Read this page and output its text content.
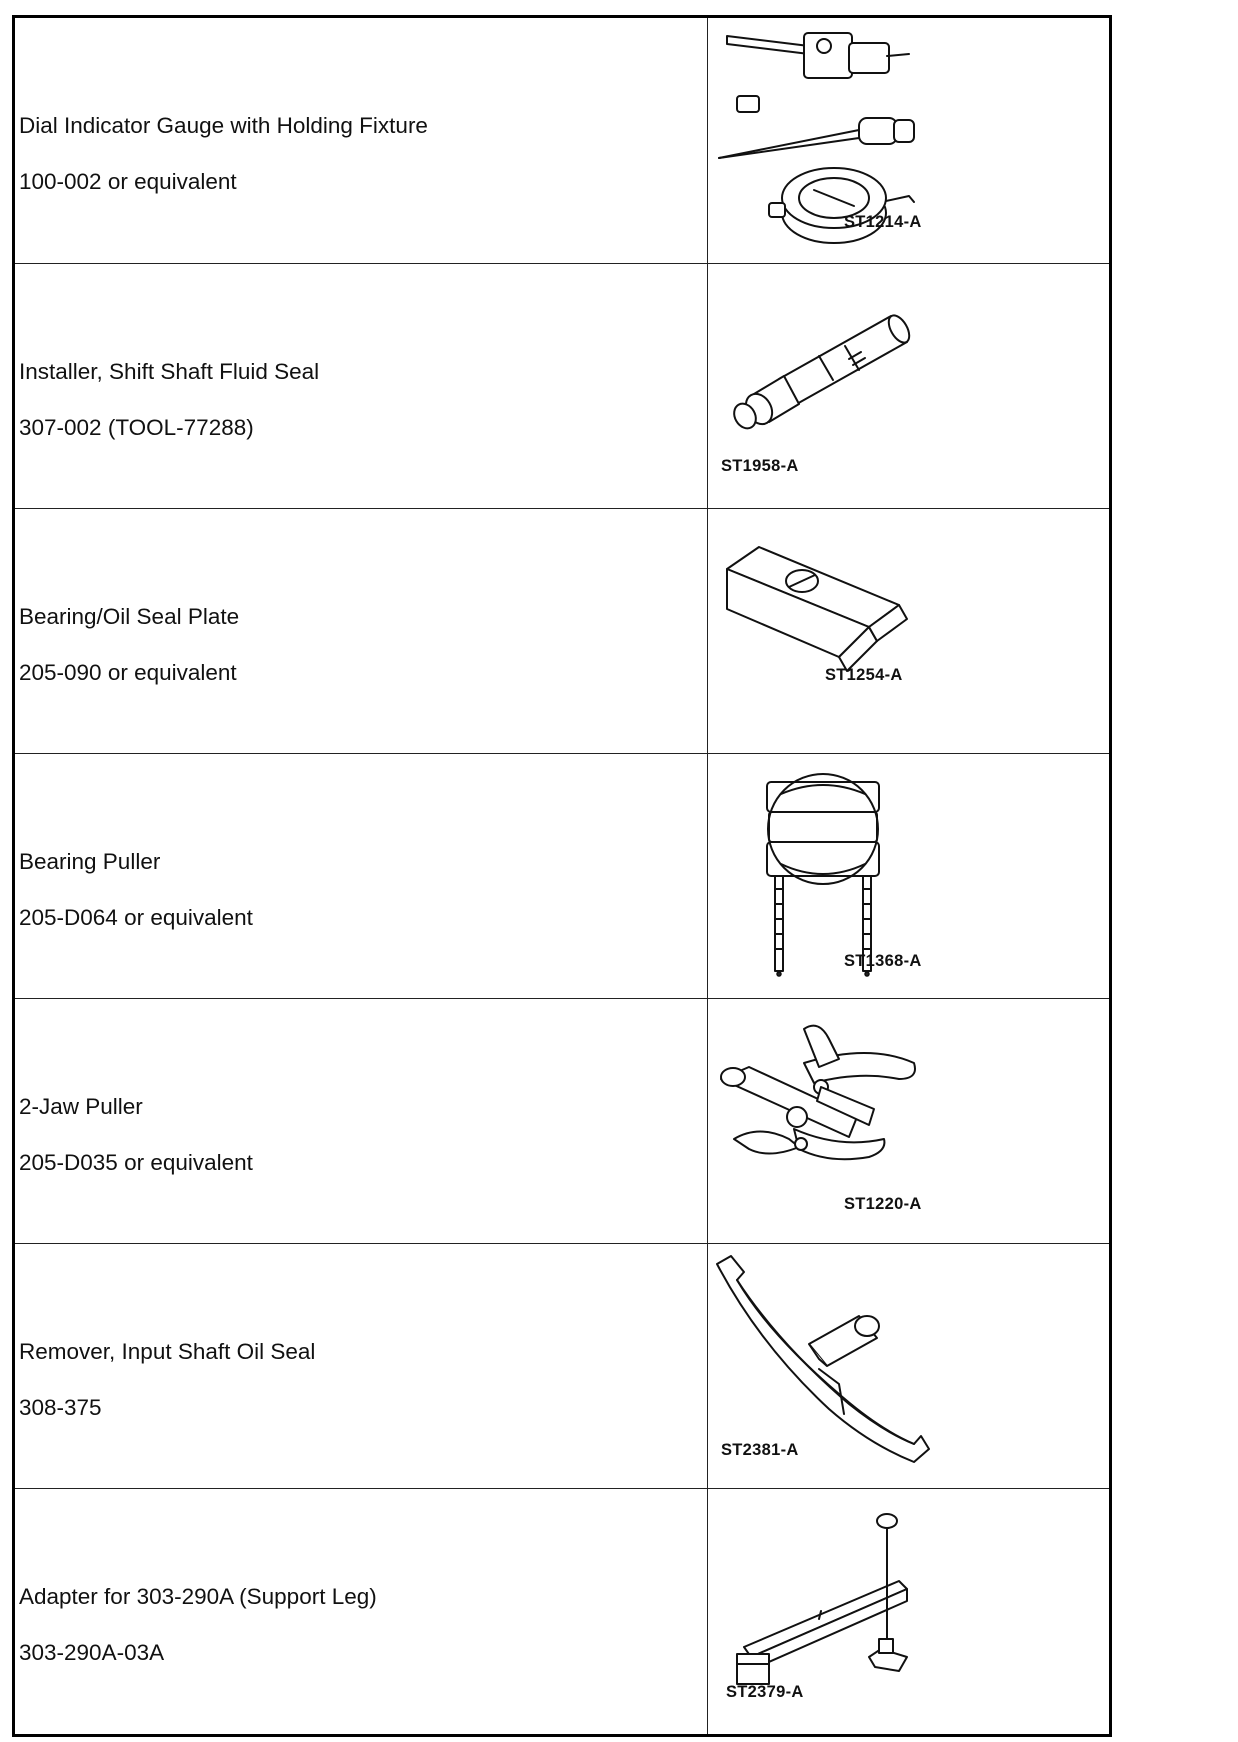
Dial Indicator Gauge with Holding Fixture
100-002 or equivalent
ST1214-A
Installer, Shift Shaft Fluid Seal
307-002 (TOOL-77288)
ST1958-A
Bearing/Oil Seal Plate
205-090 or equivalent	ST1254-A
Bearing Puller
205-D064 or equivalent
ST1368-A
2-Jaw Puller
205-D035 or equivalent
ST1220-A
Remover, Input Shaft Oil Seal
308-375
ST2381-A
Adapter for 303-290A (Support Leg)
303-290A-03A
ST2379-A
